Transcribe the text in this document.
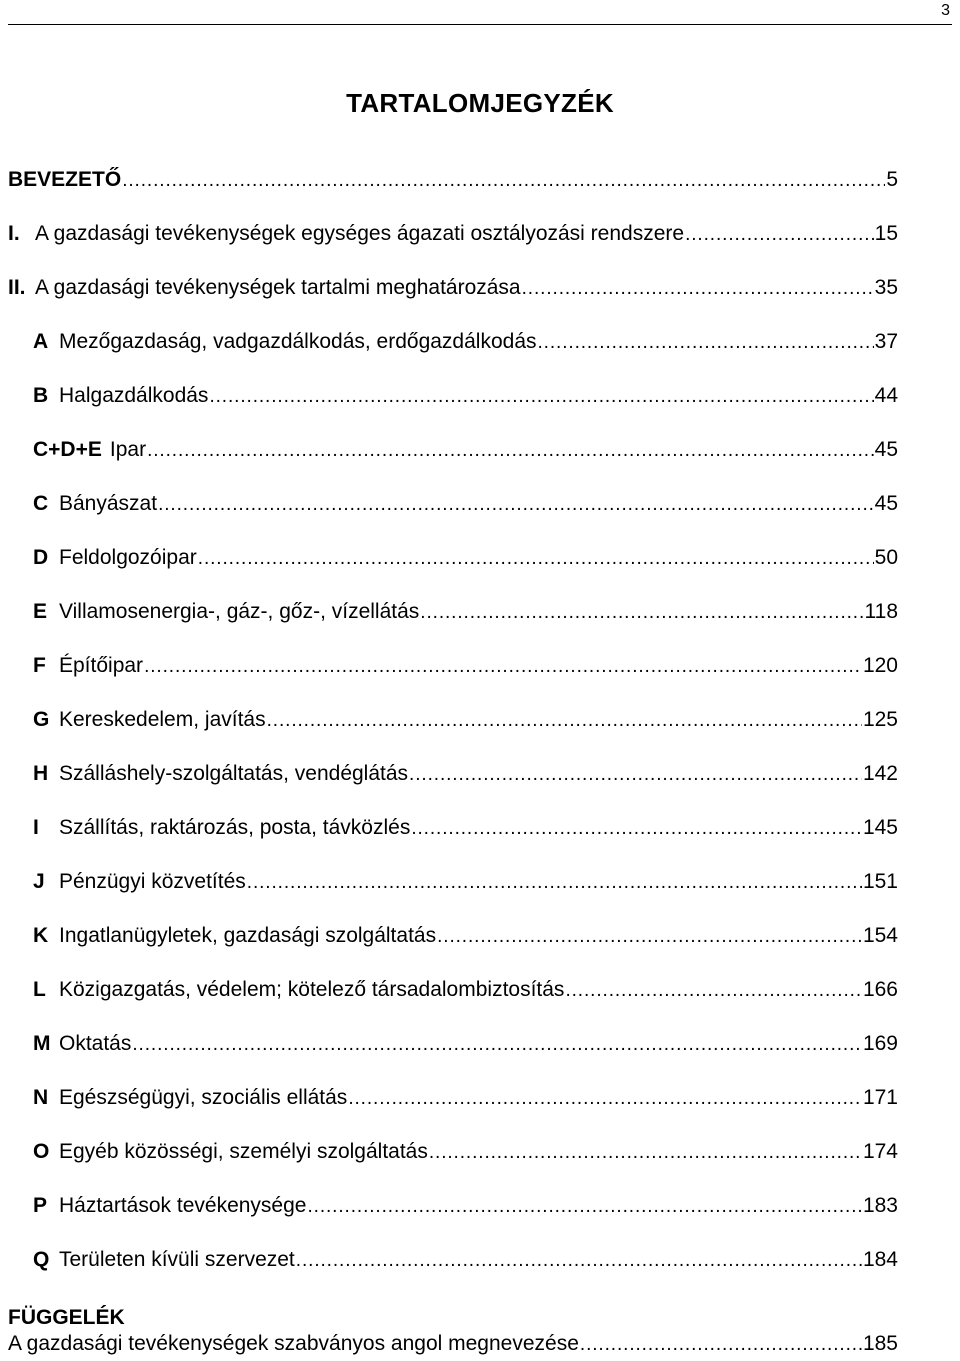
3
TARTALOMJEGYZÉK
BEVEZETŐ .....	5
I. A gazdasági tevékenységek egységes ágazati osztályozási rendszere .....	15
II. A gazdasági tevékenységek tartalmi meghatározása .....	35
A Mezőgazdaság, vadgazdálkodás, erdőgazdálkodás .....	37
B Halgazdálkodás .....	44
C+D+E Ipar .....	45
C Bányászat .....	45
D Feldolgozóipar .....	50
E Villamosenergia-, gáz-, gőz-, vízellátás .....	118
F Építőipar .....	120
G Kereskedelem, javítás .....	125
H Szálláshely-szolgáltatás, vendéglátás .....	142
I Szállítás, raktározás, posta, távközlés .....	145
J Pénzügyi közvetítés .....	151
K Ingatlanügyletek, gazdasági szolgáltatás .....	154
L Közigazgatás, védelem; kötelező társadalombiztosítás .....	166
M Oktatás .....	169
N Egészségügyi, szociális ellátás .....	171
O Egyéb közösségi, személyi szolgáltatás .....	174
P Háztartások tevékenysége .....	183
Q Területen kívüli szervezet .....	184
FÜGGELÉK
A gazdasági tevékenységek szabványos angol megnevezése .....	185
